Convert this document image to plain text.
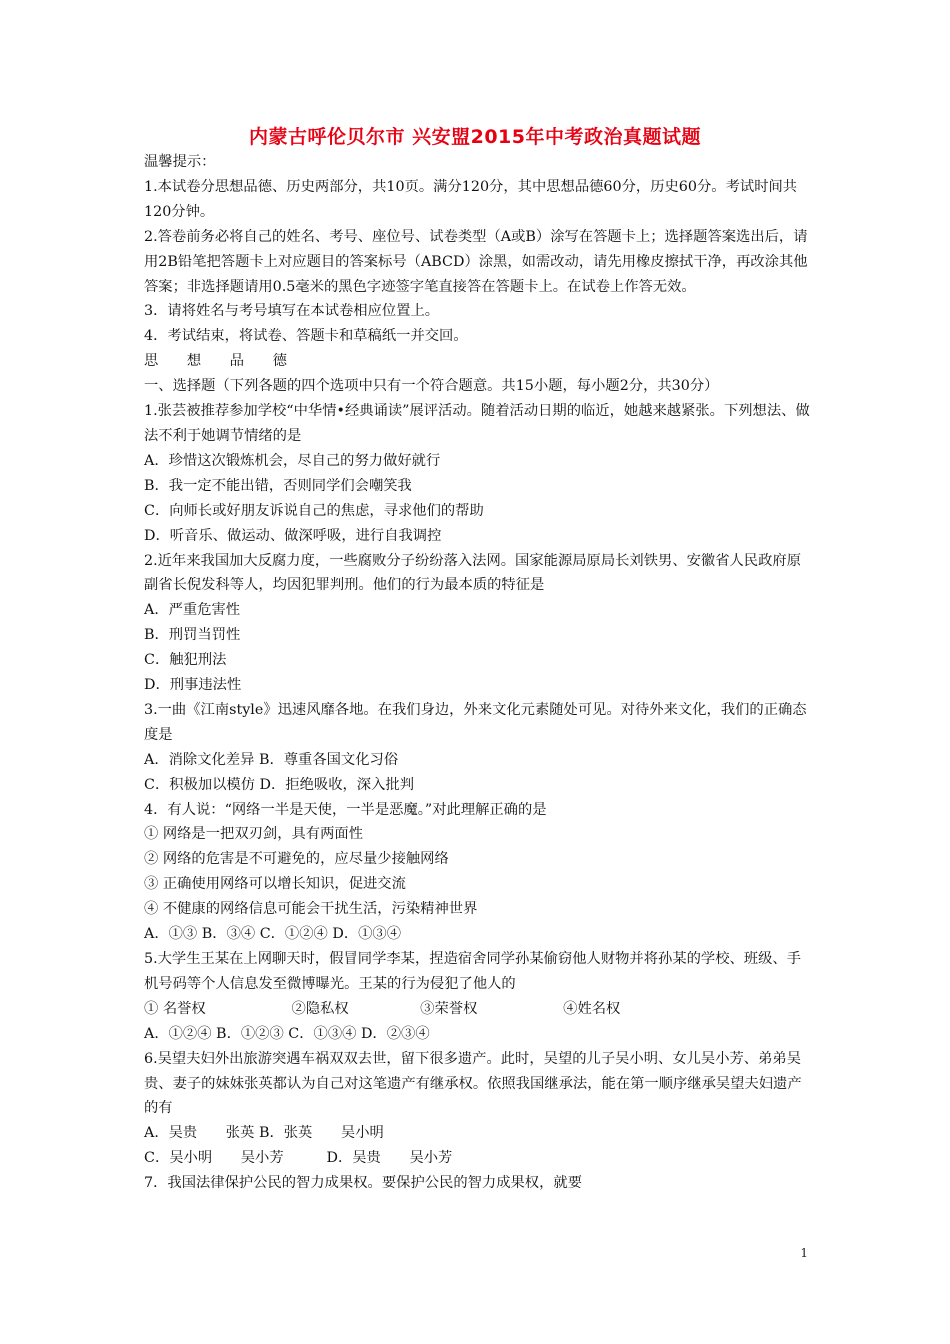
内蒙古呼伦贝尔市 兴安盟2015年中考政治真题试题

温馨提示：

1.本试卷分思想品德、历史两部分，共10页。满分120分，其中思想品德60分，历史60分。考试时间共120分钟。

2.答卷前务必将自己的姓名、考号、座位号、试卷类型（A或B）涂写在答题卡上；选择题答案选出后，请用2B铅笔把答题卡上对应题目的答案标号（ABCD）涂黑，如需改动，请先用橡皮擦拭干净，再改涂其他答案；非选择题请用0.5毫米的黑色字迹签字笔直接答在答题卡上。在试卷上作答无效。

3．请将姓名与考号填写在本试卷相应位置上。

4．考试结束，将试卷、答题卡和草稿纸一并交回。

思　　想　　品　　德

一、选择题（下列各题的四个选项中只有一个符合题意。共15小题，每小题2分，共30分）

1.张芸被推荐参加学校“中华情•经典诵读”展评活动。随着活动日期的临近，她越来越紧张。下列想法、做法不利于她调节情绪的是

A．珍惜这次锻炼机会，尽自己的努力做好就行

B．我一定不能出错，否则同学们会嘲笑我

C．向师长或好朋友诉说自己的焦虑，寻求他们的帮助

D．听音乐、做运动、做深呼吸，进行自我调控

2.近年来我国加大反腐力度，一些腐败分子纷纷落入法网。国家能源局原局长刘铁男、安徽省人民政府原副省长倪发科等人，均因犯罪判刑。他们的行为最本质的特征是

A．严重危害性

B．刑罚当罚性

C．触犯刑法

D．刑事违法性

3.一曲《江南style》迅速风靡各地。在我们身边，外来文化元素随处可见。对待外来文化，我们的正确态度是

A．消除文化差异 B．尊重各国文化习俗

C．积极加以模仿 D．拒绝吸收，深入批判

4．有人说：“网络一半是天使，一半是恶魔。”对此理解正确的是

① 网络是一把双刃剑，具有两面性

② 网络的危害是不可避免的，应尽量少接触网络

③ 正确使用网络可以增长知识，促进交流

④ 不健康的网络信息可能会干扰生活，污染精神世界

A．①③ B．③④ C．①②④ D．①③④

5.大学生王某在上网聊天时，假冒同学李某，捏造宿舍同学孙某偷窃他人财物并将孙某的学校、班级、手机号码等个人信息发至微博曝光。王某的行为侵犯了他人的

① 名誉权　　　　　　②隐私权　　　　　③荣誉权　　　　　　④姓名权

A．①②④ B．①②③ C．①③④ D．②③④

6.吴望夫妇外出旅游突遇车祸双双去世，留下很多遗产。此时，吴望的儿子吴小明、女儿吴小芳、弟弟吴贵、妻子的妹妹张英都认为自己对这笔遗产有继承权。依照我国继承法，能在第一顺序继承吴望夫妇遗产的有

A．吴贵　　张英 B．张英　　吴小明

C．吴小明　　吴小芳　　　D．吴贵　　吴小芳

7．我国法律保护公民的智力成果权。要保护公民的智力成果权，就要

1
